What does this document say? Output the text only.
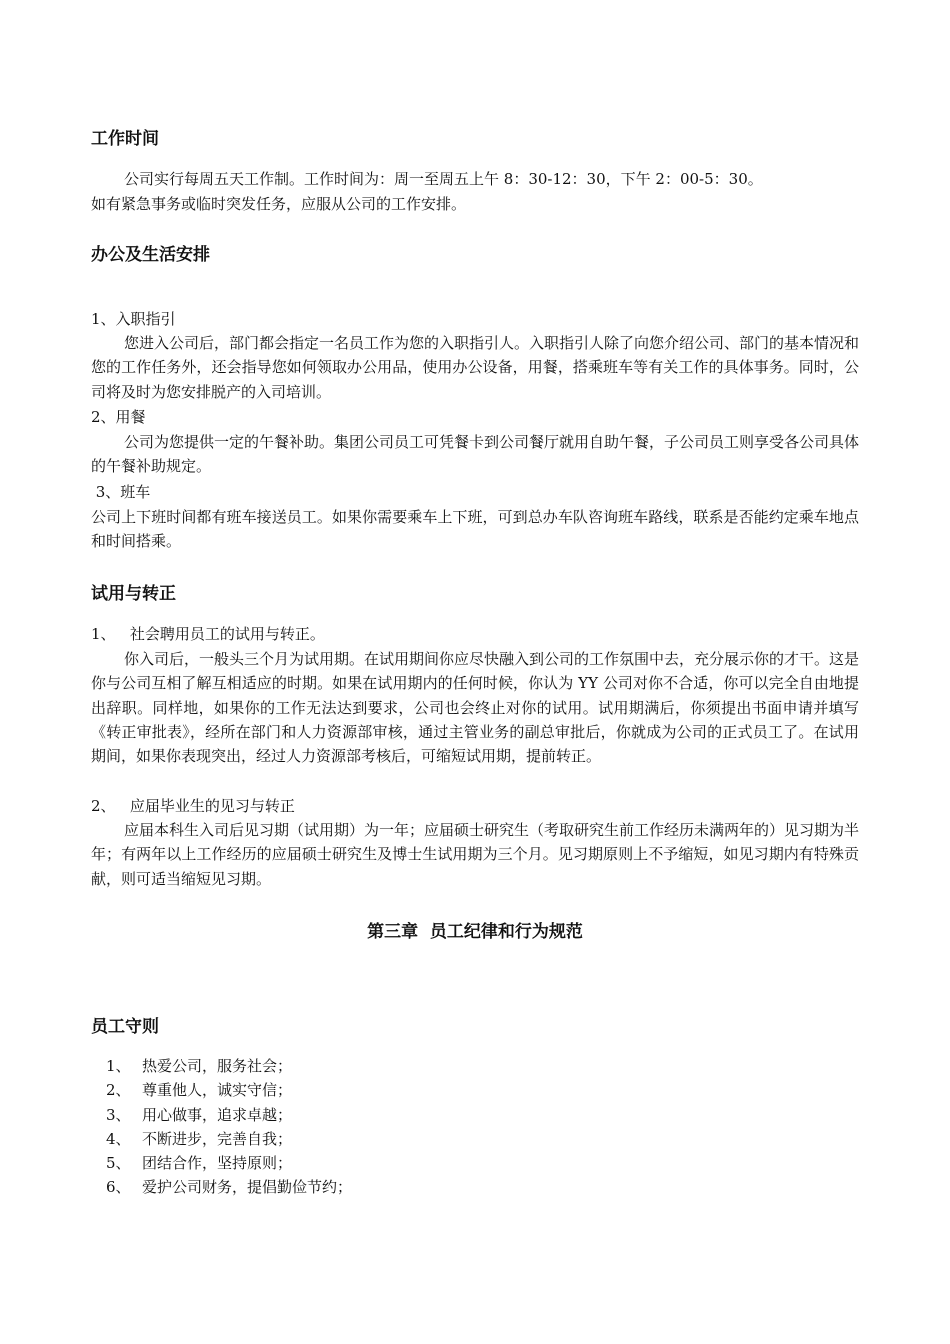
工作时间

公司实行每周五天工作制。工作时间为：周一至周五上午 8：30-12：30，下午 2：00-5：30。

如有紧急事务或临时突发任务，应服从公司的工作安排。

办公及生活安排

1、入职指引

您进入公司后，部门都会指定一名员工作为您的入职指引人。入职指引人除了向您介绍公司、部门的基本情况和您的工作任务外，还会指导您如何领取办公用品，使用办公设备，用餐，搭乘班车等有关工作的具体事务。同时，公司将及时为您安排脱产的入司培训。

2、用餐

公司为您提供一定的午餐补助。集团公司员工可凭餐卡到公司餐厅就用自助午餐，子公司员工则享受各公司具体的午餐补助规定。

3、班车

公司上下班时间都有班车接送员工。如果你需要乘车上下班，可到总办车队咨询班车路线，联系是否能约定乘车地点和时间搭乘。

试用与转正

1、   社会聘用员工的试用与转正。

你入司后，一般头三个月为试用期。在试用期间你应尽快融入到公司的工作氛围中去，充分展示你的才干。这是你与公司互相了解互相适应的时期。如果在试用期内的任何时候，你认为 YY 公司对你不合适，你可以完全自由地提出辞职。同样地，如果你的工作无法达到要求，公司也会终止对你的试用。试用期满后，你须提出书面申请并填写《转正审批表》，经所在部门和人力资源部审核，通过主管业务的副总审批后，你就成为公司的正式员工了。在试用期间，如果你表现突出，经过人力资源部考核后，可缩短试用期，提前转正。

2、   应届毕业生的见习与转正

应届本科生入司后见习期（试用期）为一年；应届硕士研究生（考取研究生前工作经历未满两年的）见习期为半年；有两年以上工作经历的应届硕士研究生及博士生试用期为三个月。见习期原则上不予缩短，如见习期内有特殊贡献，则可适当缩短见习期。

第三章  员工纪律和行为规范
员工守则
1、 热爱公司，服务社会；
2、 尊重他人，诚实守信；
3、 用心做事，追求卓越；
4、 不断进步，完善自我；
5、 团结合作，坚持原则；
6、 爱护公司财务，提倡勤俭节约；
